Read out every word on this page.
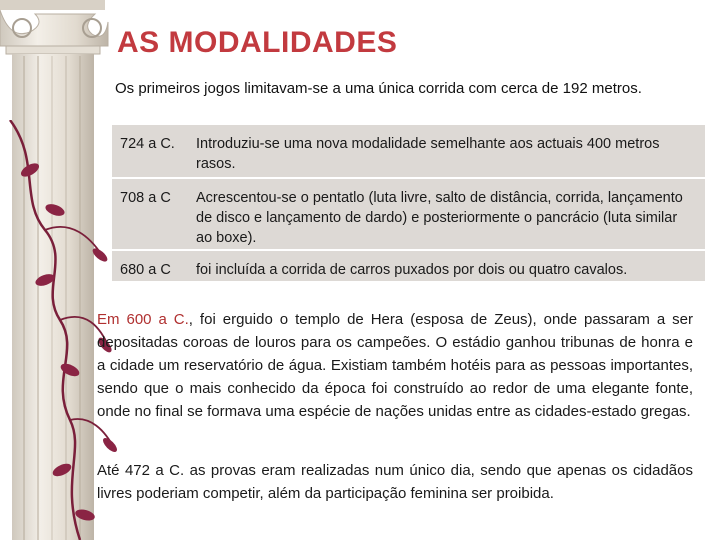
AS MODALIDADES
Os primeiros jogos limitavam-se a uma única corrida com cerca de 192 metros.
724 a C.	Introduziu-se uma nova modalidade semelhante aos actuais 400 metros rasos.
708 a C	Acrescentou-se o pentatlo (luta livre, salto de distância, corrida, lançamento de disco e lançamento de dardo) e posteriormente o pancrácio (luta similar ao boxe).
680 a C	foi incluída a corrida de carros puxados por dois ou quatro cavalos.
Em 600 a C., foi erguido o templo de Hera (esposa de Zeus), onde passaram a ser depositadas coroas de louros para os campeões. O estádio ganhou tribunas de honra e a cidade um reservatório de água. Existiam também hotéis para as pessoas importantes, sendo que o mais conhecido da época foi construído ao redor de uma elegante fonte, onde no final se formava uma espécie de nações unidas entre as cidades-estado gregas.
Até 472 a C. as provas eram realizadas num único dia, sendo que apenas os cidadãos livres poderiam competir, além da participação feminina ser proibida.
